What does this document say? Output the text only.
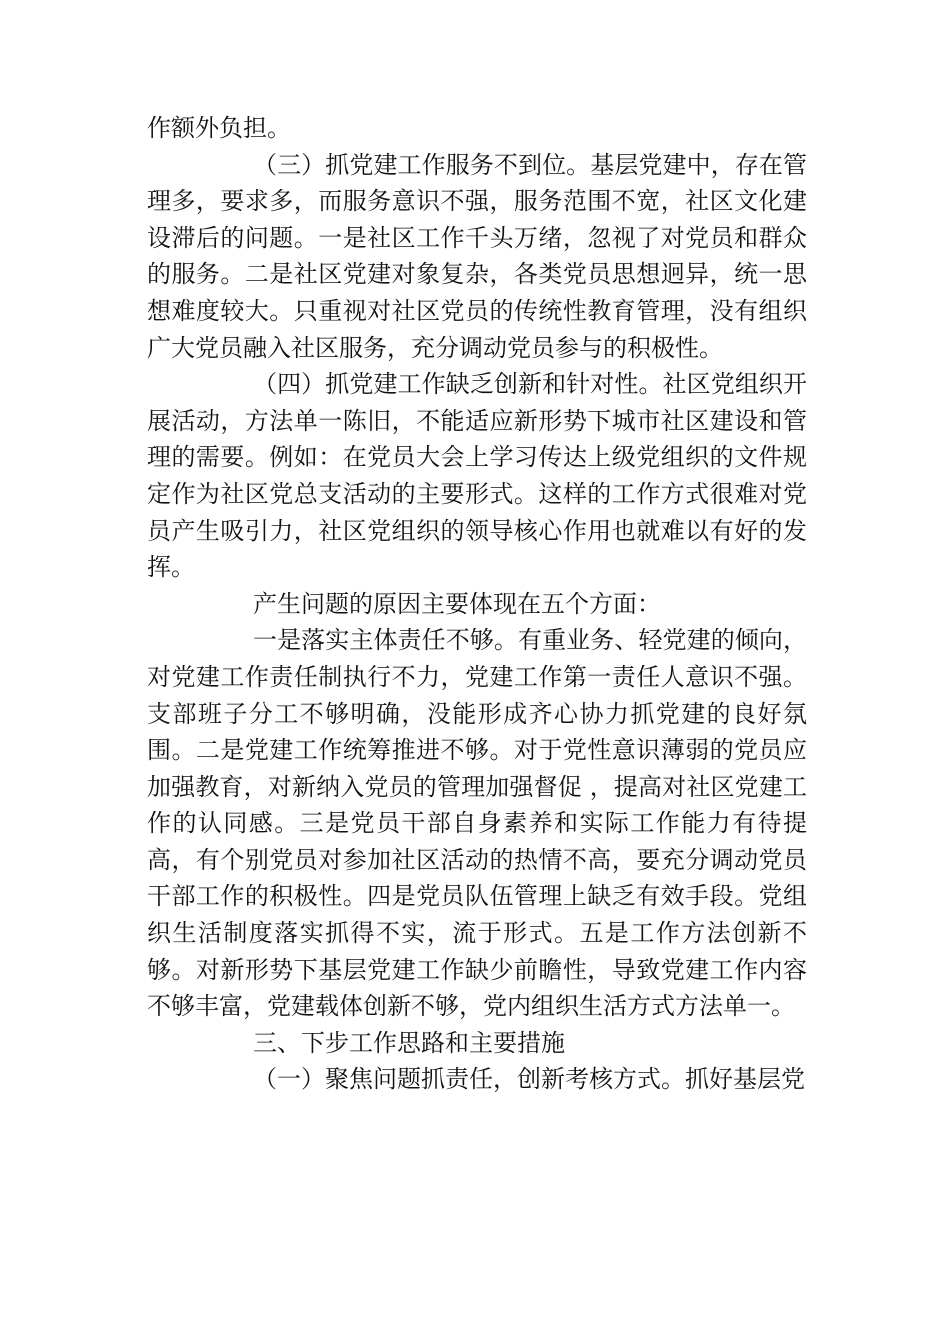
作额外负担。

（三）抓党建工作服务不到位。基层党建中，存在管理多，要求多，而服务意识不强，服务范围不宽，社区文化建设滞后的问题。一是社区工作千头万绪，忽视了对党员和群众的服务。二是社区党建对象复杂，各类党员思想迥异，统一思想难度较大。只重视对社区党员的传统性教育管理，没有组织广大党员融入社区服务，充分调动党员参与的积极性。

（四）抓党建工作缺乏创新和针对性。社区党组织开展活动，方法单一陈旧，不能适应新形势下城市社区建设和管理的需要。例如：在党员大会上学习传达上级党组织的文件规定作为社区党总支活动的主要形式。这样的工作方式很难对党员产生吸引力，社区党组织的领导核心作用也就难以有好的发挥。

产生问题的原因主要体现在五个方面：

一是落实主体责任不够。有重业务、轻党建的倾向，对党建工作责任制执行不力，党建工作第一责任人意识不强。支部班子分工不够明确，没能形成齐心协力抓党建的良好氛围。二是党建工作统筹推进不够。对于党性意识薄弱的党员应加强教育，对新纳入党员的管理加强督促 ，提高对社区党建工作的认同感。三是党员干部自身素养和实际工作能力有待提高，有个别党员对参加社区活动的热情不高，要充分调动党员干部工作的积极性。四是党员队伍管理上缺乏有效手段。党组织生活制度落实抓得不实，流于形式。五是工作方法创新不够。对新形势下基层党建工作缺少前瞻性，导致党建工作内容不够丰富，党建载体创新不够，党内组织生活方式方法单一。

三、下步工作思路和主要措施

（一）聚焦问题抓责任，创新考核方式。抓好基层党
